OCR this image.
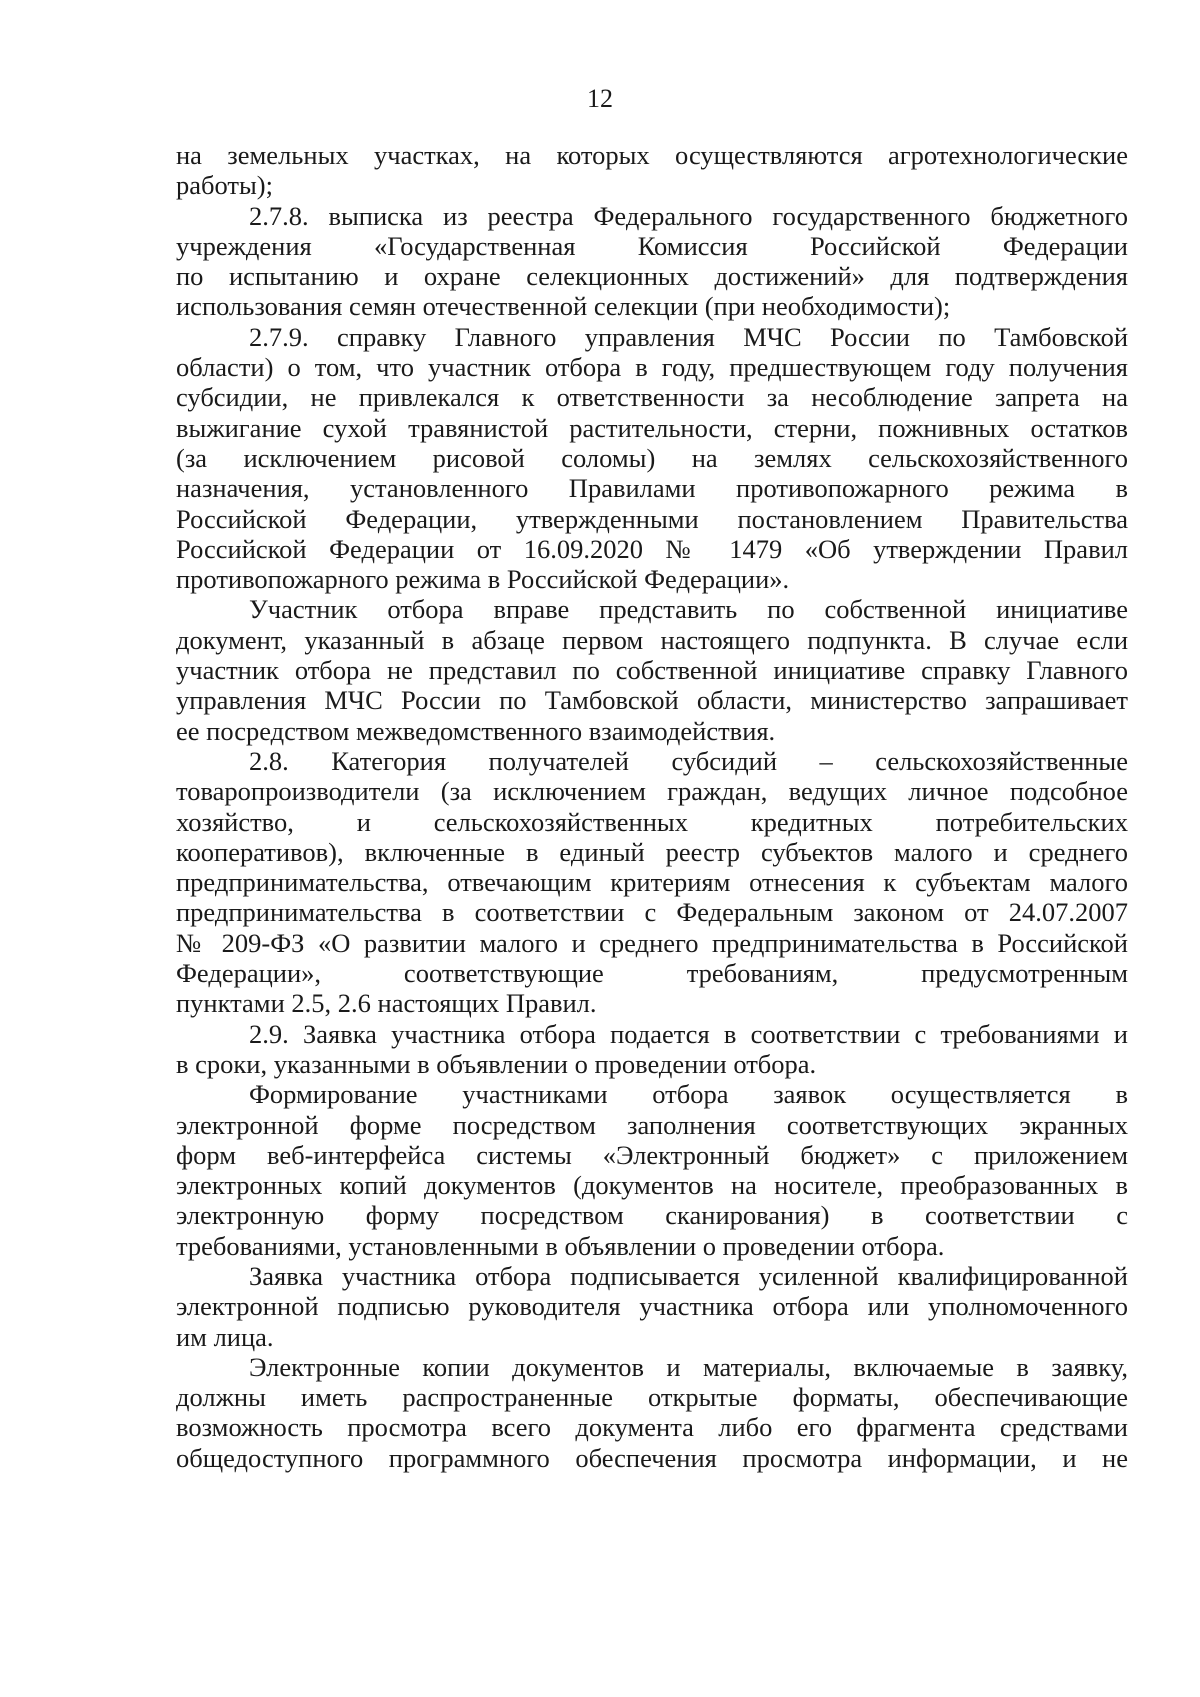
12
на земельных участках, на которых осуществляются агротехнологические
работы);
2.7.8. выписка из реестра Федерального государственного бюджетного
учреждения «Государственная Комиссия Российской Федерации
по испытанию и охране селекционных достижений» для подтверждения
использования семян отечественной селекции (при необходимости);
2.7.9. справку Главного управления МЧС России по Тамбовской
области) о том, что участник отбора в году, предшествующем году получения
субсидии, не привлекался к ответственности за несоблюдение запрета на
выжигание сухой травянистой растительности, стерни, пожнивных остатков
(за исключением рисовой соломы) на землях сельскохозяйственного
назначения, установленного Правилами противопожарного режима в
Российской Федерации, утвержденными постановлением Правительства
Российской Федерации от 16.09.2020 № 1479 «Об утверждении Правил
противопожарного режима в Российской Федерации».
Участник отбора вправе представить по собственной инициативе
документ, указанный в абзаце первом настоящего подпункта. В случае если
участник отбора не представил по собственной инициативе справку Главного
управления МЧС России по Тамбовской области, министерство запрашивает
ее посредством межведомственного взаимодействия.
2.8. Категория получателей субсидий – сельскохозяйственные
товаропроизводители (за исключением граждан, ведущих личное подсобное
хозяйство, и сельскохозяйственных кредитных потребительских
кооперативов), включенные в единый реестр субъектов малого и среднего
предпринимательства, отвечающим критериям отнесения к субъектам малого
предпринимательства в соответствии с Федеральным законом от 24.07.2007
№ 209-ФЗ «О развитии малого и среднего предпринимательства в Российской
Федерации», соответствующие требованиям, предусмотренным
пунктами 2.5, 2.6 настоящих Правил.
2.9. Заявка участника отбора подается в соответствии с требованиями и
в сроки, указанными в объявлении о проведении отбора.
Формирование участниками отбора заявок осуществляется в
электронной форме посредством заполнения соответствующих экранных
форм веб-интерфейса системы «Электронный бюджет» с приложением
электронных копий документов (документов на носителе, преобразованных в
электронную форму посредством сканирования) в соответствии с
требованиями, установленными в объявлении о проведении отбора.
Заявка участника отбора подписывается усиленной квалифицированной
электронной подписью руководителя участника отбора или уполномоченного
им лица.
Электронные копии документов и материалы, включаемые в заявку,
должны иметь распространенные открытые форматы, обеспечивающие
возможность просмотра всего документа либо его фрагмента средствами
общедоступного программного обеспечения просмотра информации, и не
